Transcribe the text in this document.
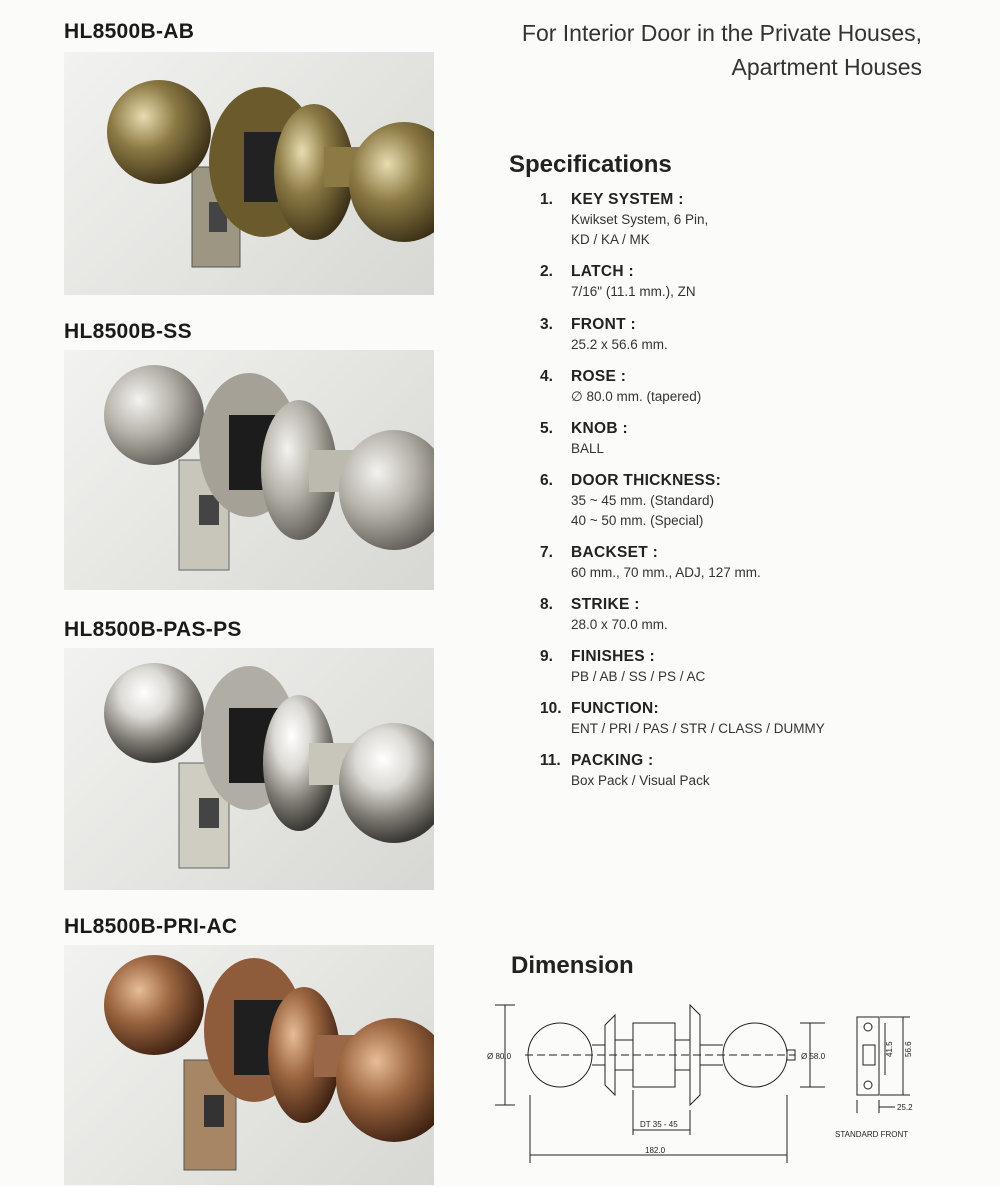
For Interior Door in the Private Houses,
Apartment Houses
HL8500B-AB
HL8500B-SS
HL8500B-PAS-PS
HL8500B-PRI-AC
Specifications
1.	KEY SYSTEM :
Kwikset System, 6 Pin,
KD / KA / MK
2.	LATCH :
7/16" (11.1 mm.), ZN
3.	FRONT :
25.2 x 56.6 mm.
4.	ROSE :
∅ 80.0 mm. (tapered)
5.	KNOB :
BALL
6.	DOOR THICKNESS:
35 ~ 45 mm. (Standard)
40 ~ 50 mm. (Special)
7.	BACKSET :
60 mm., 70 mm., ADJ, 127 mm.
8.	STRIKE :
28.0 x 70.0 mm.
9.	FINISHES :
PB / AB / SS / PS / AC
10. FUNCTION:
ENT / PRI / PAS / STR / CLASS / DUMMY
11. PACKING :
Box Pack / Visual Pack
Dimension
Ø 80.0	Ø 58.0
DT 35 - 45
182.0
41.5 56.6
25.2
STANDARD FRONT
